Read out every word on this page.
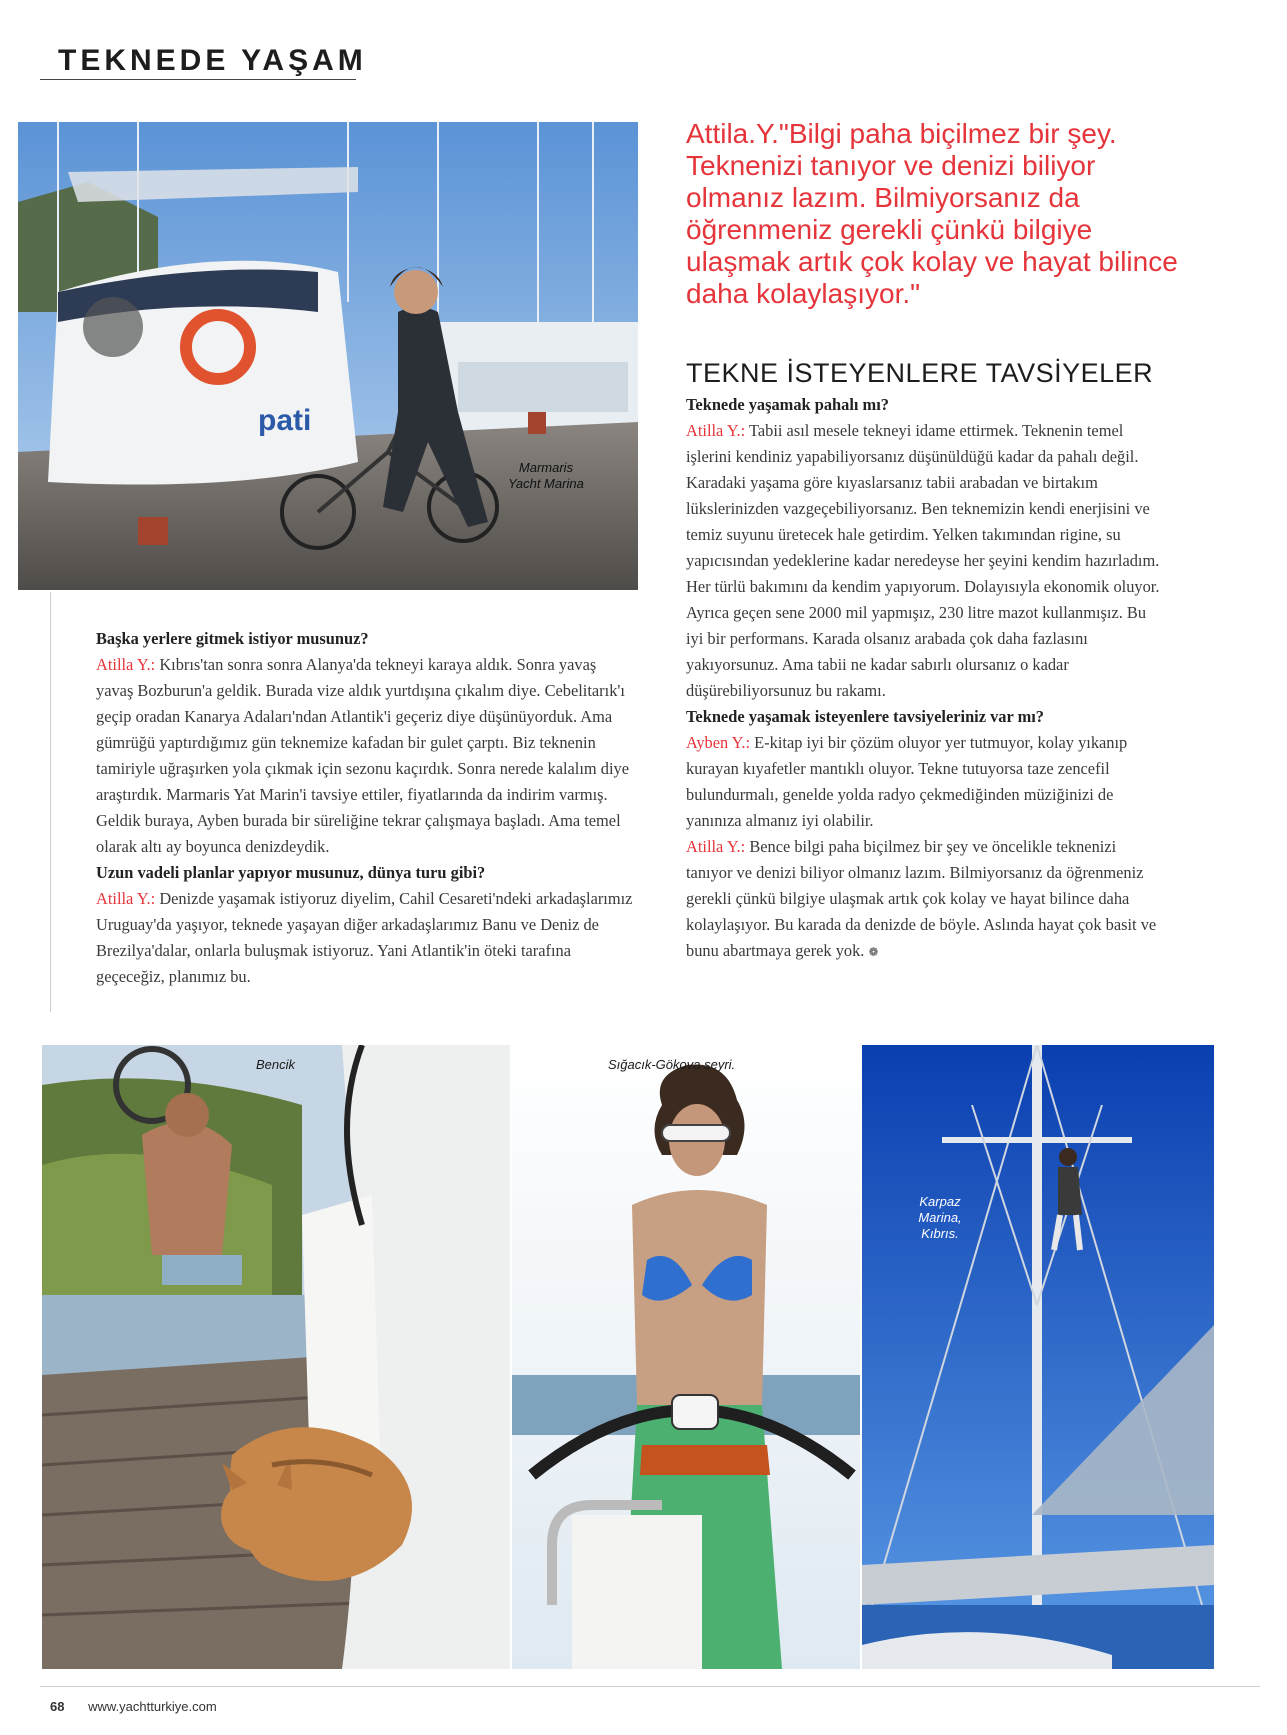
TEKNEDE YAŞAM
pati
Marmaris
Yacht Marina
Attila.Y."Bilgi paha biçilmez bir şey. Teknenizi tanıyor ve denizi biliyor olmanız lazım. Bilmiyorsanız da öğrenmeniz gerekli çünkü bilgiye ulaşmak artık çok kolay ve hayat bilince daha kolaylaşıyor."
TEKNE İSTEYENLERE TAVSİYELER

Başka yerlere gitmek istiyor musunuz?
Atilla Y.: Kıbrıs'tan sonra sonra Alanya'da tekneyi karaya aldık. Sonra yavaş yavaş Bozburun'a geldik. Burada vize aldık yurtdışına çıkalım diye. Cebelitarık'ı geçip oradan Kanarya Adaları'ndan Atlantik'i geçeriz diye düşünüyorduk. Ama gümrüğü yaptırdığımız gün teknemize kafadan bir gulet çarptı. Biz teknenin tamiriyle uğraşırken yola çıkmak için sezonu kaçırdık. Sonra nerede kalalım diye araştırdık. Marmaris Yat Marin'i tavsiye ettiler, fiyatlarında da indirim varmış. Geldik buraya, Ayben burada bir süreliğine tekrar çalışmaya başladı. Ama temel olarak altı ay boyunca denizdeydik.
Uzun vadeli planlar yapıyor musunuz, dünya turu gibi?
Atilla Y.: Denizde yaşamak istiyoruz diyelim, Cahil Cesareti'ndeki arkadaşlarımız Uruguay'da yaşıyor, teknede yaşayan diğer arkadaşlarımız Banu ve Deniz de Brezilya'dalar, onlarla buluşmak istiyoruz. Yani Atlantik'in öteki tarafına geçeceğiz, planımız bu.

Teknede yaşamak pahalı mı?
Atilla Y.: Tabii asıl mesele tekneyi idame ettirmek. Teknenin temel işlerini kendiniz yapabiliyorsanız düşünüldüğü kadar da pahalı değil. Karadaki yaşama göre kıyaslarsanız tabii arabadan ve birtakım lükslerinizden vazgeçebiliyorsanız. Ben teknemizin kendi enerjisini ve temiz suyunu üretecek hale getirdim. Yelken takımından rigine, su yapıcısından yedeklerine kadar neredeyse her şeyini kendim hazırladım. Her türlü bakımını da kendim yapıyorum. Dolayısıyla ekonomik oluyor. Ayrıca geçen sene 2000 mil yapmışız, 230 litre mazot kullanmışız. Bu iyi bir performans. Karada olsanız arabada çok daha fazlasını yakıyorsunuz. Ama tabii ne kadar sabırlı olursanız o kadar düşürebiliyorsunuz bu rakamı.
Teknede yaşamak isteyenlere tavsiyeleriniz var mı?
Ayben Y.: E-kitap iyi bir çözüm oluyor yer tutmuyor, kolay yıkanıp kurayan kıyafetler mantıklı oluyor. Tekne tutuyorsa taze zencefil bulundurmalı, genelde yolda radyo çekmediğinden müziğinizi de yanınıza almanız iyi olabilir.
Atilla Y.: Bence bilgi paha biçilmez bir şey ve öncelikle teknenizi tanıyor ve denizi biliyor olmanız lazım. Bilmiyorsanız da öğrenmeniz gerekli çünkü bilgiye ulaşmak artık çok kolay ve hayat bilince daha kolaylaşıyor. Bu karada da denizde de böyle. Aslında hayat çok basit ve bunu abartmaya gerek yok. ❁

Bencik	Sığacık-Gökova seyri.
Karpaz
Marina,
Kıbrıs.
68 www.yachtturkiye.com
